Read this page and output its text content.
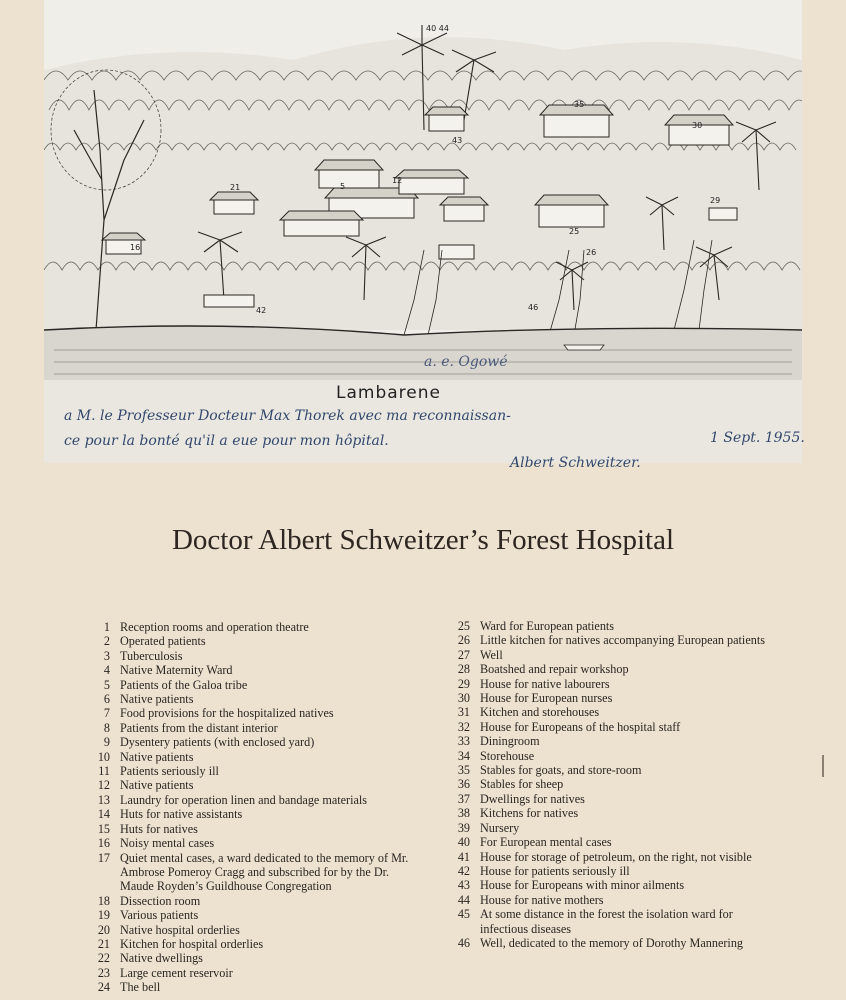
40 44
5
12
16
21
35
30
29
25
26
46
42
43
a. e. Ogowé
Lambarene
a M. le Professeur Docteur Max Thorek avec ma reconnaissan-
ce pour la bonté qu'il a eue pour mon hôpital.	1 Sept. 1955.
Albert Schweitzer.
Doctor Albert Schweitzer’s Forest Hospital
1 Reception rooms and operation theatre
2 Operated patients
3 Tuberculosis
4 Native Maternity Ward
5 Patients of the Galoa tribe
6 Native patients
7 Food provisions for the hospitalized natives
8 Patients from the distant interior
9 Dysentery patients (with enclosed yard)
10 Native patients
11 Patients seriously ill
12 Native patients
13 Laundry for operation linen and bandage materials
14 Huts for native assistants
15 Huts for natives
16 Noisy mental cases
17 Quiet mental cases, a ward dedicated to the memory of Mr. Ambrose Pomeroy Cragg and subscribed for by the Dr. Maude Royden’s Guildhouse Congregation
18 Dissection room
19 Various patients
20 Native hospital orderlies
21 Kitchen for hospital orderlies
22 Native dwellings
23 Large cement reservoir
24 The bell
25 Ward for European patients
26 Little kitchen for natives accompanying European patients
27 Well
28 Boatshed and repair workshop
29 House for native labourers
30 House for European nurses
31 Kitchen and storehouses
32 House for Europeans of the hospital staff
33 Diningroom
34 Storehouse
35 Stables for goats, and store-room
36 Stables for sheep
37 Dwellings for natives
38 Kitchens for natives
39 Nursery
40 For European mental cases
41 House for storage of petroleum, on the right, not visible
42 House for patients seriously ill
43 House for Europeans with minor ailments
44 House for native mothers
45 At some distance in the forest the isolation ward for infectious diseases
46 Well, dedicated to the memory of Dorothy Mannering
